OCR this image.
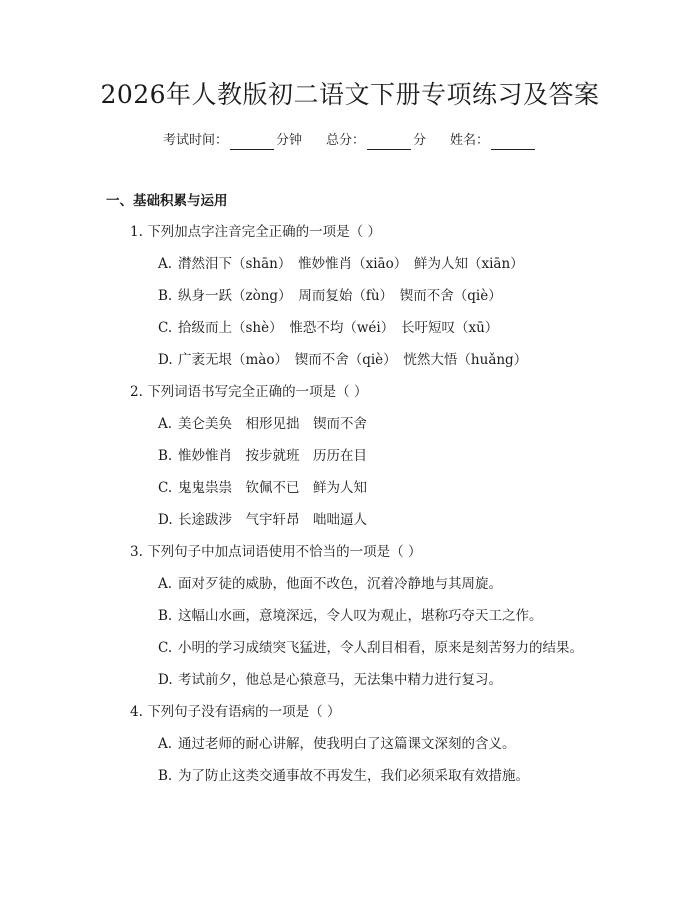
2026年人教版初二语文下册专项练习及答案
考试时间：	分钟 总分：	分 姓名：
一、基础积累与运用
1. 下列加点字注音完全正确的一项是（ ）
A. 潸然泪下（shān）　惟妙惟肖（xiāo）　鲜为人知（xiān）
B. 纵身一跃（zòng）　周而复始（fù）　锲而不舍（qiè）
C. 拾级而上（shè）　惟恐不均（wéi）　长吁短叹（xū）
D. 广袤无垠（mào）　锲而不舍（qiè）　恍然大悟（huǎng）
2. 下列词语书写完全正确的一项是（ ）
A. 美仑美奂　相形见拙　锲而不舍
B. 惟妙惟肖　按步就班　历历在目
C. 鬼鬼祟祟　钦佩不已　鲜为人知
D. 长途跋涉　气宇轩昂　咄咄逼人
3. 下列句子中加点词语使用不恰当的一项是（ ）
A. 面对歹徒的威胁，他面不改色，沉着冷静地与其周旋。
B. 这幅山水画，意境深远，令人叹为观止，堪称巧夺天工之作。
C. 小明的学习成绩突飞猛进，令人刮目相看，原来是刻苦努力的结果。
D. 考试前夕，他总是心猿意马，无法集中精力进行复习。
4. 下列句子没有语病的一项是（ ）
A. 通过老师的耐心讲解，使我明白了这篇课文深刻的含义。
B. 为了防止这类交通事故不再发生，我们必须采取有效措施。
